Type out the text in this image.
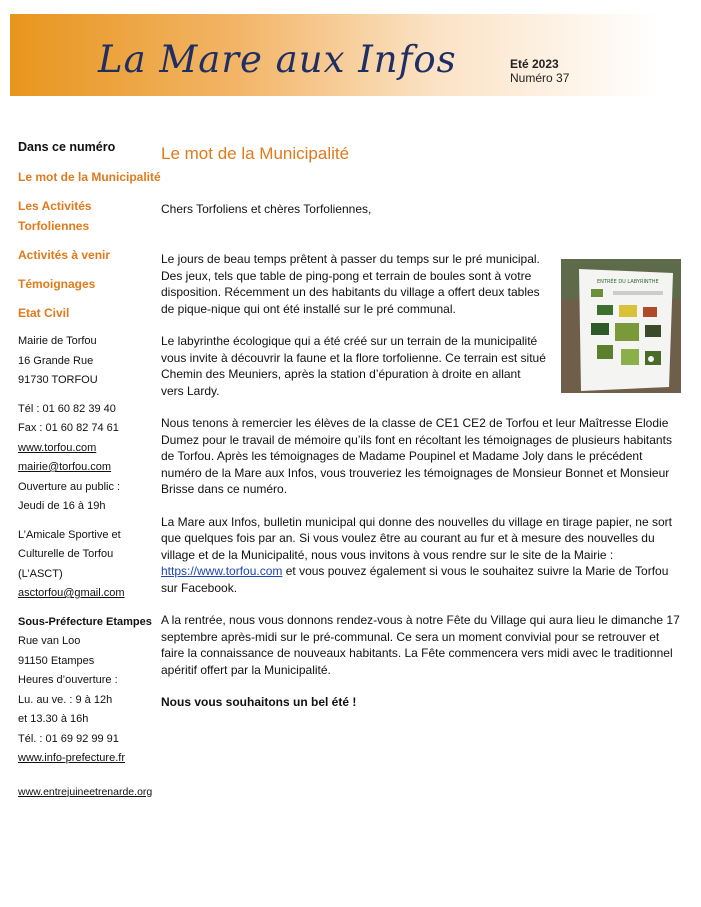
La Mare aux Infos	Eté 2023
Numéro 37
Dans ce numéro
Le mot de la Municipalité
Les Activités Torfoliennes
Activités à venir
Témoignages
Etat Civil
Mairie de Torfou
16 Grande Rue
91730 TORFOU
Tél : 01 60 82 39 40
Fax : 01 60 82 74 61
www.torfou.com
mairie@torfou.com
Ouverture au public :
Jeudi de 16 à 19h
L’Amicale Sportive et
Culturelle de Torfou
(L’ASCT)
asctorfou@gmail.com
Sous-Préfecture Etampes
Rue van Loo
91150 Etampes
Heures d’ouverture :
Lu. au ve. : 9 à 12h
et 13.30 à 16h
Tél. : 01 69 92 99 91
www.info-prefecture.fr
www.entrejuineetrenarde.org
Le mot de la Municipalité

Chers Torfoliens et chères Torfoliennes,

Le jours de beau temps prêtent à passer du temps sur le pré municipal. Des jeux, tels que table de ping-pong et terrain de boules sont à votre disposition. Récemment un des habitants du village a offert deux tables de pique-nique qui ont été installé sur le pré communal.

Le labyrinthe écologique qui a été créé sur un terrain de la municipalité vous invite à découvrir la faune et la flore torfolienne. Ce terrain est situé Chemin des Meuniers, après la station d’épuration à droite en allant vers Lardy.

Nous tenons à remercier les élèves de la classe de CE1 CE2 de Torfou et leur Maîtresse Elodie Dumez pour le travail de mémoire qu’ils font en récoltant les témoignages de plusieurs habitants de Torfou. Après les témoignages de Madame Poupinel et Madame Joly dans le précédent numéro de la Mare aux Infos, vous trouveriez les témoignages de Monsieur Bonnet et Monsieur Brisse dans ce numéro.

La Mare aux Infos, bulletin municipal qui donne des nouvelles du village en tirage papier, ne sort que quelques fois par an. Si vous voulez être au courant au fur et à mesure des nouvelles du village et de la Municipalité, nous vous invitons à vous rendre sur le site de la Mairie : https://www.torfou.com et vous pouvez également si vous le souhaitez suivre la Marie de Torfou sur Facebook.

A la rentrée, nous vous donnons rendez-vous à notre Fête du Village qui aura lieu le dimanche 17 septembre après-midi sur le pré-communal. Ce sera un moment convivial pour se retrouver et faire la connaissance de nouveaux habitants. La Fête commencera vers midi avec le traditionnel apéritif offert par la Municipalité.

Nous vous souhaitons un bel été !

ENTRÉE DU LABYRINTHE
